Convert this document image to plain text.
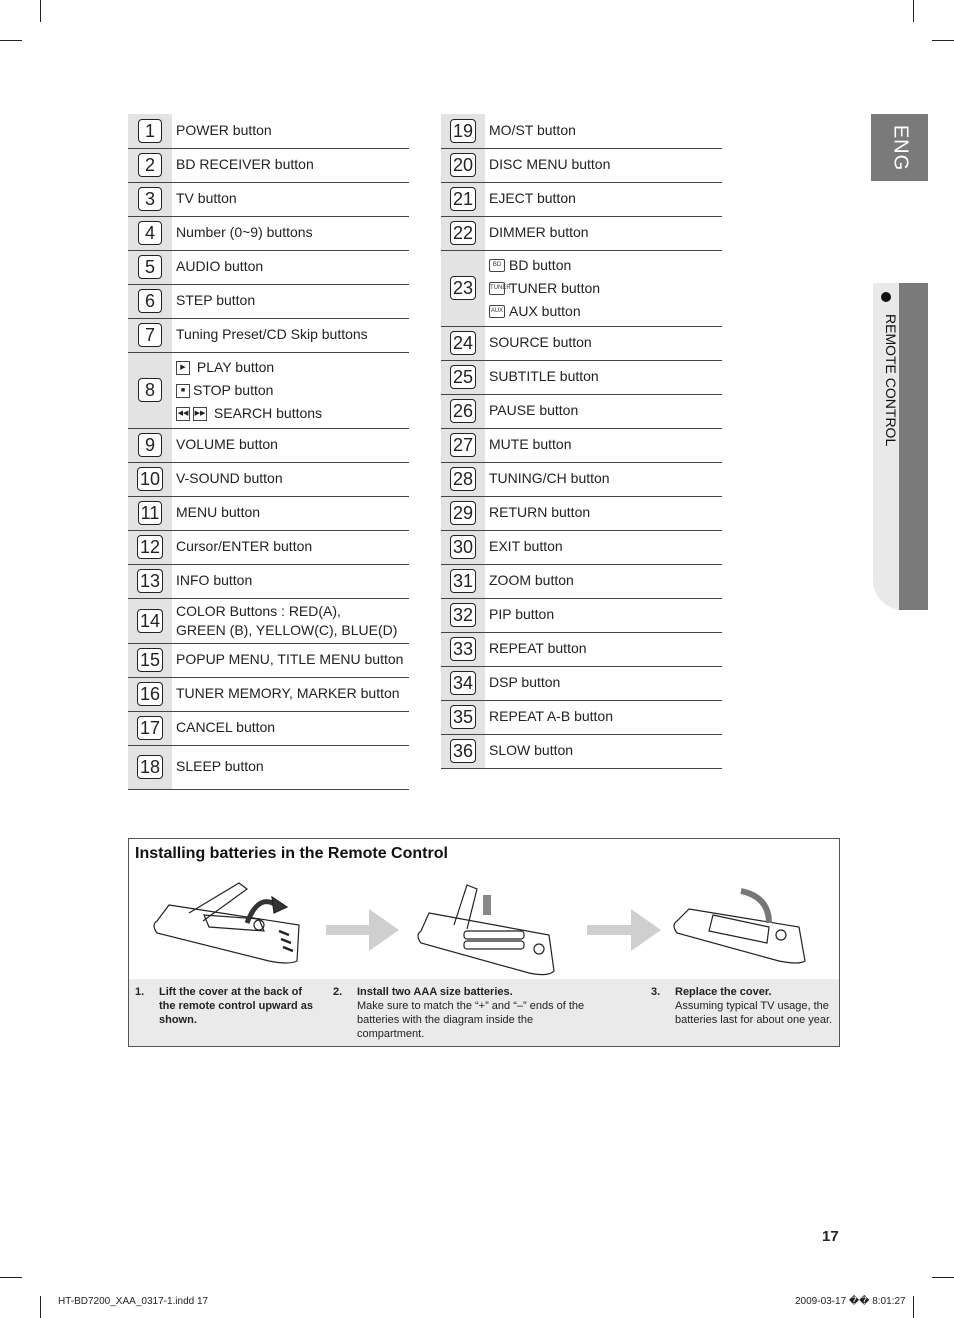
1	POWER button
2	BD RECEIVER button
3	TV button
4	Number (0~9) buttons
5	AUDIO button
6	STEP button
7	Tuning Preset/CD Skip buttons
8	▶ PLAY button
■ STOP button
◀◀ ▶▶ SEARCH buttons

9	VOLUME button
10	V-SOUND button
11	MENU button
12	Cursor/ENTER button
13	INFO button
14	COLOR Buttons : RED(A),
GREEN (B), YELLOW(C), BLUE(D)

15	POPUP MENU, TITLE MENU button
16	TUNER MEMORY, MARKER button
17	CANCEL button
18	SLEEP button
19	MO/ST button
20	DISC MENU button
21	EJECT button
22	DIMMER button
23	BD BD button
TUNERTUNER button
AUX AUX button

24	SOURCE button
25	SUBTITLE button
26	PAUSE button
27	MUTE button
28	TUNING/CH button
29	RETURN button
30	EXIT button
31	ZOOM button
32	PIP button
33	REPEAT button
34	DSP button
35	REPEAT A-B button
36	SLOW button
ENG
REMOTE CONTROL
Installing batteries in the Remote Control
1. Lift the cover at the back of the remote control upward as shown.
2. Install two AAA size batteries.
Make sure to match the “+” and “–” ends of the batteries with the diagram inside the compartment.
3. Replace the cover.
Assuming typical TV usage, the batteries last for about one year.
17
HT-BD7200_XAA_0317-1.indd 17	2009-03-17 �� 8:01:27
